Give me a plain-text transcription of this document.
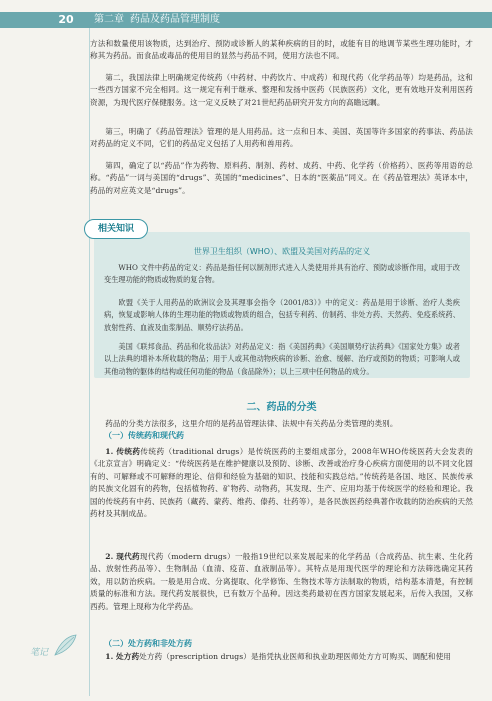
20	第二章 药品及药品管理制度

方法和数量使用该物质，达到治疗、预防或诊断人的某种疾病的目的时，或能有目的地调节某些生理功能时，才称其为药品。而食品或毒品的使用目的显然与药品不同，使用方法也不同。

第二，我国法律上明确规定传统药（中药材、中药饮片、中成药）和现代药（化学药品等）均是药品，这和一些西方国家不完全相同。这一规定有利于继承、整理和发扬中医药（民族医药）文化，更有效地开发利用医药资源，为现代医疗保健服务。这一定义反映了对21世纪药品研究开发方向的高瞻远瞩。

第三，明确了《药品管理法》管理的是人用药品。这一点和日本、美国、英国等许多国家的药事法、药品法对药品的定义不同，它们的药品定义包括了人用药和兽用药。

第四，确定了以“药品”作为药物、原料药、制剂、药材、成药、中药、化学药（价格药）、医药等用语的总称。“药品”一词与美国的“drugs”、英国的“medicines”、日本的“医薬品”同义。在《药品管理法》英译本中，药品的对应英文是“drugs”。

相关知识
世界卫生组织（WHO）、欧盟及美国对药品的定义

WHO 文件中药品的定义：药品是指任何以制剂形式进入人类使用并具有治疗、预防或诊断作用，或用于改变生理功能的物质或物质的复合物。

欧盟《关于人用药品的欧洲议会及其理事会指令（2001/83）》中的定义：药品是用于诊断、治疗人类疾病，恢复或影响人体的生理功能的物质或物质的组合，包括专利药、仿制药、非处方药、天然药、免疫系统药、放射性药、血液及血浆制品、顺势疗法药品。

美国《联邦食品、药品和化妆品法》对药品定义：指《美国药典》《美国顺势疗法药典》《国家处方集》或者以上法典的增补本所收载的物品；用于人或其他动物疾病的诊断、治愈、缓解、治疗或预防的物质；可影响人或其他动物的躯体的结构或任何功能的物品（食品除外）；以上三项中任何物品的成分。

二、药品的分类

药品的分类方法很多，这里介绍的是药品管理法律、法规中有关药品分类管理的类别。

（一）传统药和现代药

1. 传统药传统药（traditional drugs）是传统医药的主要组成部分，2008年WHO传统医药大会发表的《北京宣言》明确定义：“传统医药是在维护健康以及预防、诊断、改善或治疗身心疾病方面使用的以不同文化固有的、可解释或不可解释的理论、信仰和经验为基础的知识、技能和实践总结。”传统药是各国、地区、民族传承的民族文化固有的药物，包括植物药、矿物药、动物药，其发现、生产、应用均基于传统医学的经验和理论。我国的传统药有中药、民族药（藏药、蒙药、维药、傣药、壮药等），是各民族医药经典著作收载的防治疾病的天然药材及其制成品。

2. 现代药现代药（modern drugs）一般指19世纪以来发展起来的化学药品（合成药品、抗生素、生化药品、放射性药品等）、生物制品（血清、疫苗、血液制品等）。其特点是用现代医学的理论和方法筛选确定其药效，用以防治疾病。一般是用合成、分离提取、化学修饰、生物技术等方法制取的物质，结构基本清楚，有控制质量的标准和方法。现代药发展很快，已有数万个品种。因这类药最初在西方国家发展起来，后传入我国，又称西药。管理上现称为化学药品。

（二）处方药和非处方药

1. 处方药处方药（prescription drugs）是指凭执业医师和执业助理医师处方方可购买、调配和使用

笔记
